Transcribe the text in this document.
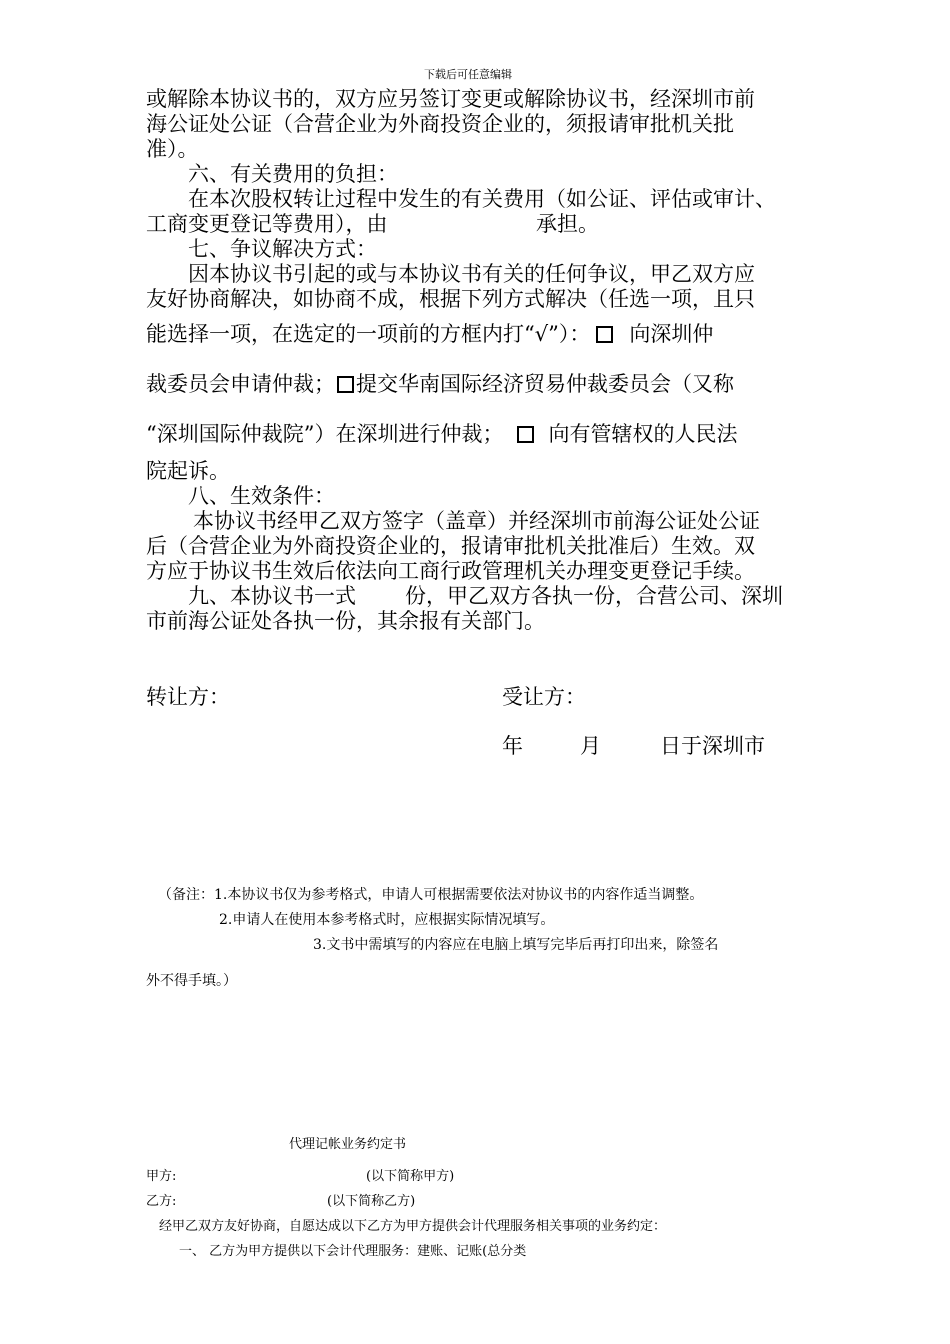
下载后可任意编辑
或解除本协议书的，双方应另签订变更或解除协议书，经深圳市前
海公证处公证（合营企业为外商投资企业的，须报请审批机关批
准）。
六、有关费用的负担：
在本次股权转让过程中发生的有关费用（如公证、评估或审计、
工商变更登记等费用），由	承担。
七、争议解决方式：
因本协议书引起的或与本协议书有关的任何争议，甲乙双方应
友好协商解决，如协商不成，根据下列方式解决（任选一项，且只
能选择一项，在选定的一项前的方框内打“√”）： 向深圳仲
裁委员会申请仲裁； 提交华南国际经济贸易仲裁委员会（又称
“深圳国际仲裁院”）在深圳进行仲裁； 向有管辖权的人民法
院起诉。
八、生效条件：
本协议书经甲乙双方签字（盖章）并经深圳市前海公证处公证
后（合营企业为外商投资企业的，报请审批机关批准后）生效。双
方应于协议书生效后依法向工商行政管理机关办理变更登记手续。
九、本协议书一式 份，甲乙双方各执一份，合营公司、深圳
市前海公证处各执一份，其余报有关部门。
转让方：	受让方：
年	月	日于深圳市
（备注：1.本协议书仅为参考格式，申请人可根据需要依法对协议书的内容作适当调整。
2.申请人在使用本参考格式时，应根据实际情况填写。
3.文书中需填写的内容应在电脑上填写完毕后再打印出来，除签名
外不得手填。）
代理记帐业务约定书
甲方:	(以下简称甲方)
乙方:	(以下简称乙方)
经甲乙双方友好协商，自愿达成以下乙方为甲方提供会计代理服务相关事项的业务约定：
一、 乙方为甲方提供以下会计代理服务：建账、记账(总分类
